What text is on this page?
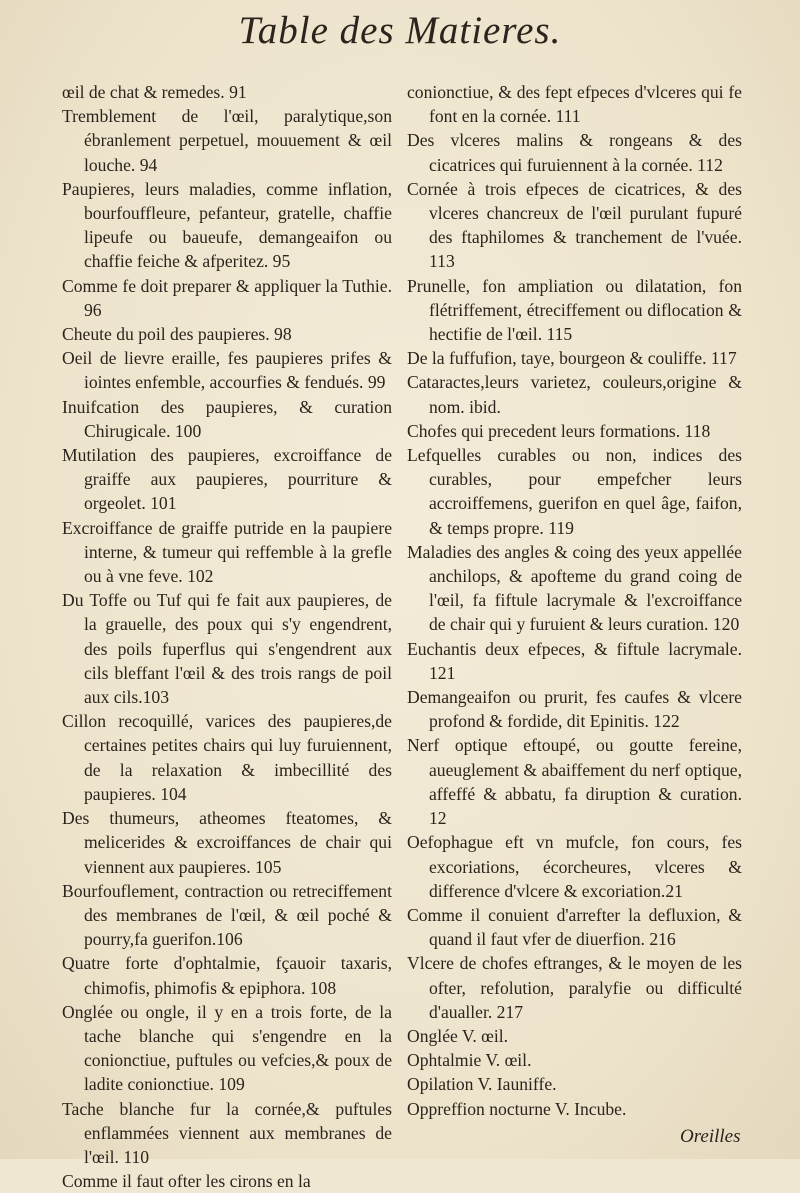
Table des Matieres.
œil de chat & remedes. 91
Tremblement de l'œil, paralytique,son ébranlement perpetuel, mouuement & œil louche. 94
Paupieres, leurs maladies, comme inflation, bourfouffleure, pefanteur, gratelle, chaffie lipeufe ou baueufe, demangeaifon ou chaffie feiche & afperitez. 95
Comme fe doit preparer & appliquer la Tuthie. 96
Cheute du poil des paupieres. 98
Oeil de lievre eraille, fes paupieres prifes & iointes enfemble, accourfies & fendués. 99
Inuifcation des paupieres, & curation Chirugicale. 100
Mutilation des paupieres, excroiffance de graiffe aux paupieres, pourriture & orgeolet. 101
Excroiffance de graiffe putride en la paupiere interne, & tumeur qui reffemble à la grefle ou à vne feve. 102
Du Toffe ou Tuf qui fe fait aux paupieres, de la grauelle, des poux qui s'y engendrent, des poils fuperflus qui s'engendrent aux cils bleffant l'œil & des trois rangs de poil aux cils.103
Cillon recoquillé, varices des paupieres,de certaines petites chairs qui luy furuiennent, de la relaxation & imbecillité des paupieres. 104
Des thumeurs, atheomes fteatomes, & melicerides & excroiffances de chair qui viennent aux paupieres. 105
Bourfouflement, contraction ou retreciffement des membranes de l'œil, & œil poché & pourry,fa guerifon.106
Quatre forte d'ophtalmie, fçauoir taxaris, chimofis, phimofis & epiphora. 108
Onglée ou ongle, il y en a trois forte, de la tache blanche qui s'engendre en la conionctiue, puftules ou vefcies,& poux de ladite conionctiue. 109
Tache blanche fur la cornée,& puftules enflammées viennent aux membranes de l'œil. 110
Comme il faut ofter les cirons en la
conionctiue, & des fept efpeces d'vlceres qui fe font en la cornée. 111
Des vlceres malins & rongeans & des cicatrices qui furuiennent à la cornée. 112
Cornée à trois efpeces de cicatrices, & des vlceres chancreux de l'œil purulant fupuré des ftaphilomes & tranchement de l'vuée. 113
Prunelle, fon ampliation ou dilatation, fon flétriffement, étreciffement ou diflocation & hectifie de l'œil. 115
De la fuffufion, taye, bourgeon & couliffe. 117
Cataractes,leurs varietez, couleurs,origine & nom. ibid.
Chofes qui precedent leurs formations. 118
Lefquelles curables ou non, indices des curables, pour empefcher leurs accroiffemens, guerifon en quel âge, faifon, & temps propre. 119
Maladies des angles & coing des yeux appellée anchilops, & apofteme du grand coing de l'œil, fa fiftule lacrymale & l'excroiffance de chair qui y furuient & leurs curation. 120
Euchantis deux efpeces, & fiftule lacrymale. 121
Demangeaifon ou prurit, fes caufes & vlcere profond & fordide, dit Epinitis. 122
Nerf optique eftoupé, ou goutte fereine, aueuglement & abaiffement du nerf optique, affeffé & abbatu, fa diruption & curation. 12
Oefophague eft vn mufcle, fon cours, fes excoriations, écorcheures, vlceres & difference d'vlcere & excoriation.21
Comme il conuient d'arrefter la defluxion, & quand il faut vfer de diuerfion. 216
Vlcere de chofes eftranges, & le moyen de les ofter, refolution, paralyfie ou difficulté d'aualler. 217
Onglée V. œil.
Ophtalmie V. œil.
Opilation V. Iauniffe.
Oppreffion nocturne V. Incube.
Oreilles
